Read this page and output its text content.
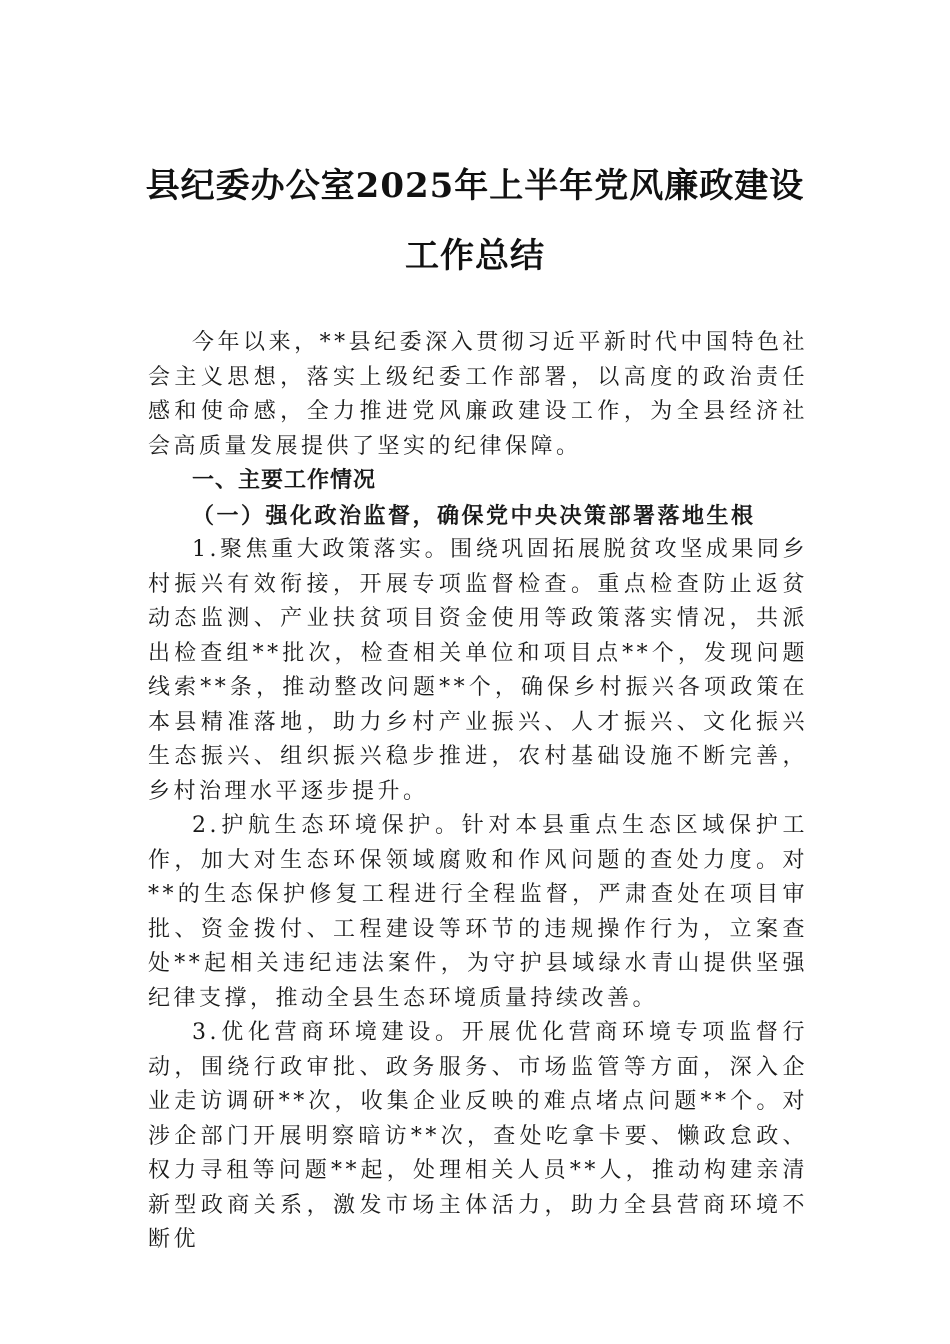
县纪委办公室2025年上半年党风廉政建设
工作总结

今年以来，**县纪委深入贯彻习近平新时代中国特色社会主义思想，落实上级纪委工作部署，以高度的政治责任感和使命感，全力推进党风廉政建设工作，为全县经济社会高质量发展提供了坚实的纪律保障。

一、主要工作情况

（一）强化政治监督，确保党中央决策部署落地生根

1.聚焦重大政策落实。围绕巩固拓展脱贫攻坚成果同乡村振兴有效衔接，开展专项监督检查。重点检查防止返贫动态监测、产业扶贫项目资金使用等政策落实情况，共派出检查组**批次，检查相关单位和项目点**个，发现问题线索**条，推动整改问题**个，确保乡村振兴各项政策在本县精准落地，助力乡村产业振兴、人才振兴、文化振兴生态振兴、组织振兴稳步推进，农村基础设施不断完善，乡村治理水平逐步提升。

2.护航生态环境保护。针对本县重点生态区域保护工作，加大对生态环保领域腐败和作风问题的查处力度。对**的生态保护修复工程进行全程监督，严肃查处在项目审批、资金拨付、工程建设等环节的违规操作行为，立案查处**起相关违纪违法案件，为守护县域绿水青山提供坚强纪律支撑，推动全县生态环境质量持续改善。

3.优化营商环境建设。开展优化营商环境专项监督行动，围绕行政审批、政务服务、市场监管等方面，深入企业走访调研**次，收集企业反映的难点堵点问题**个。对涉企部门开展明察暗访**次，查处吃拿卡要、懒政怠政、权力寻租等问题**起，处理相关人员**人，推动构建亲清新型政商关系，激发市场主体活力，助力全县营商环境不断优
